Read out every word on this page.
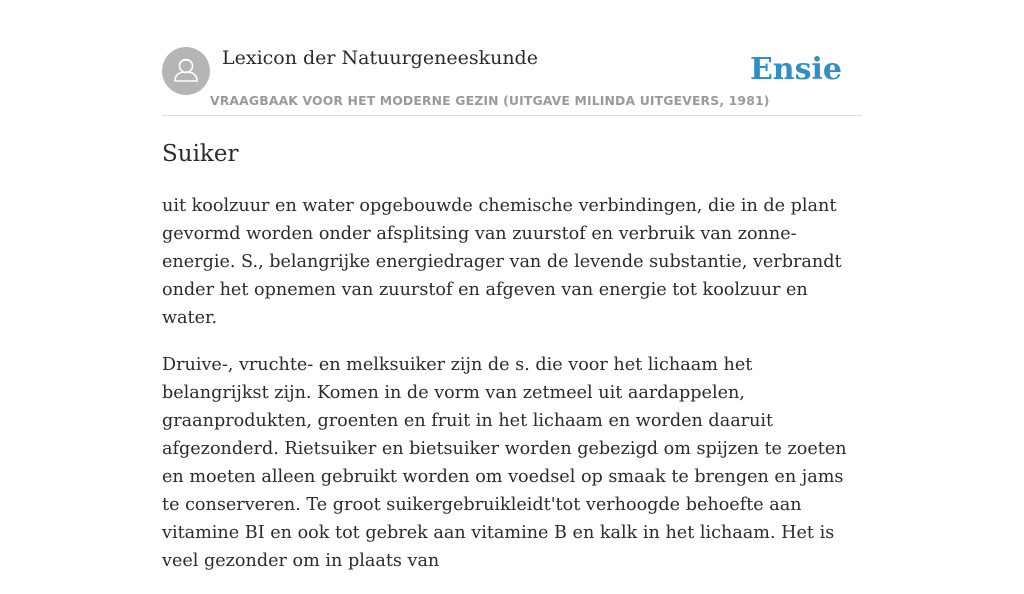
Lexicon der Natuurgeneeskunde
VRAAGBAAK VOOR HET MODERNE GEZIN (UITGAVE MILINDA UITGEVERS, 1981)
Ensie
Suiker

uit koolzuur en water opgebouwde chemische verbindingen, die in de plant gevormd worden onder afsplitsing van zuurstof en verbruik van zonne-energie. S., belangrijke energiedrager van de levende substantie, verbrandt onder het opnemen van zuurstof en afgeven van energie tot koolzuur en water.

Druive-, vruchte- en melksuiker zijn de s. die voor het lichaam het belangrijkst zijn. Komen in de vorm van zetmeel uit aardappelen, graanprodukten, groenten en fruit in het lichaam en worden daaruit afgezonderd. Rietsuiker en bietsuiker worden gebezigd om spijzen te zoeten en moeten alleen gebruikt worden om voedsel op smaak te brengen en jams te conserveren. Te groot suikergebruikleidt'tot verhoogde behoefte aan vitamine BI en ook tot gebrek aan vitamine B en kalk in het lichaam. Het is veel gezonder om in plaats van
